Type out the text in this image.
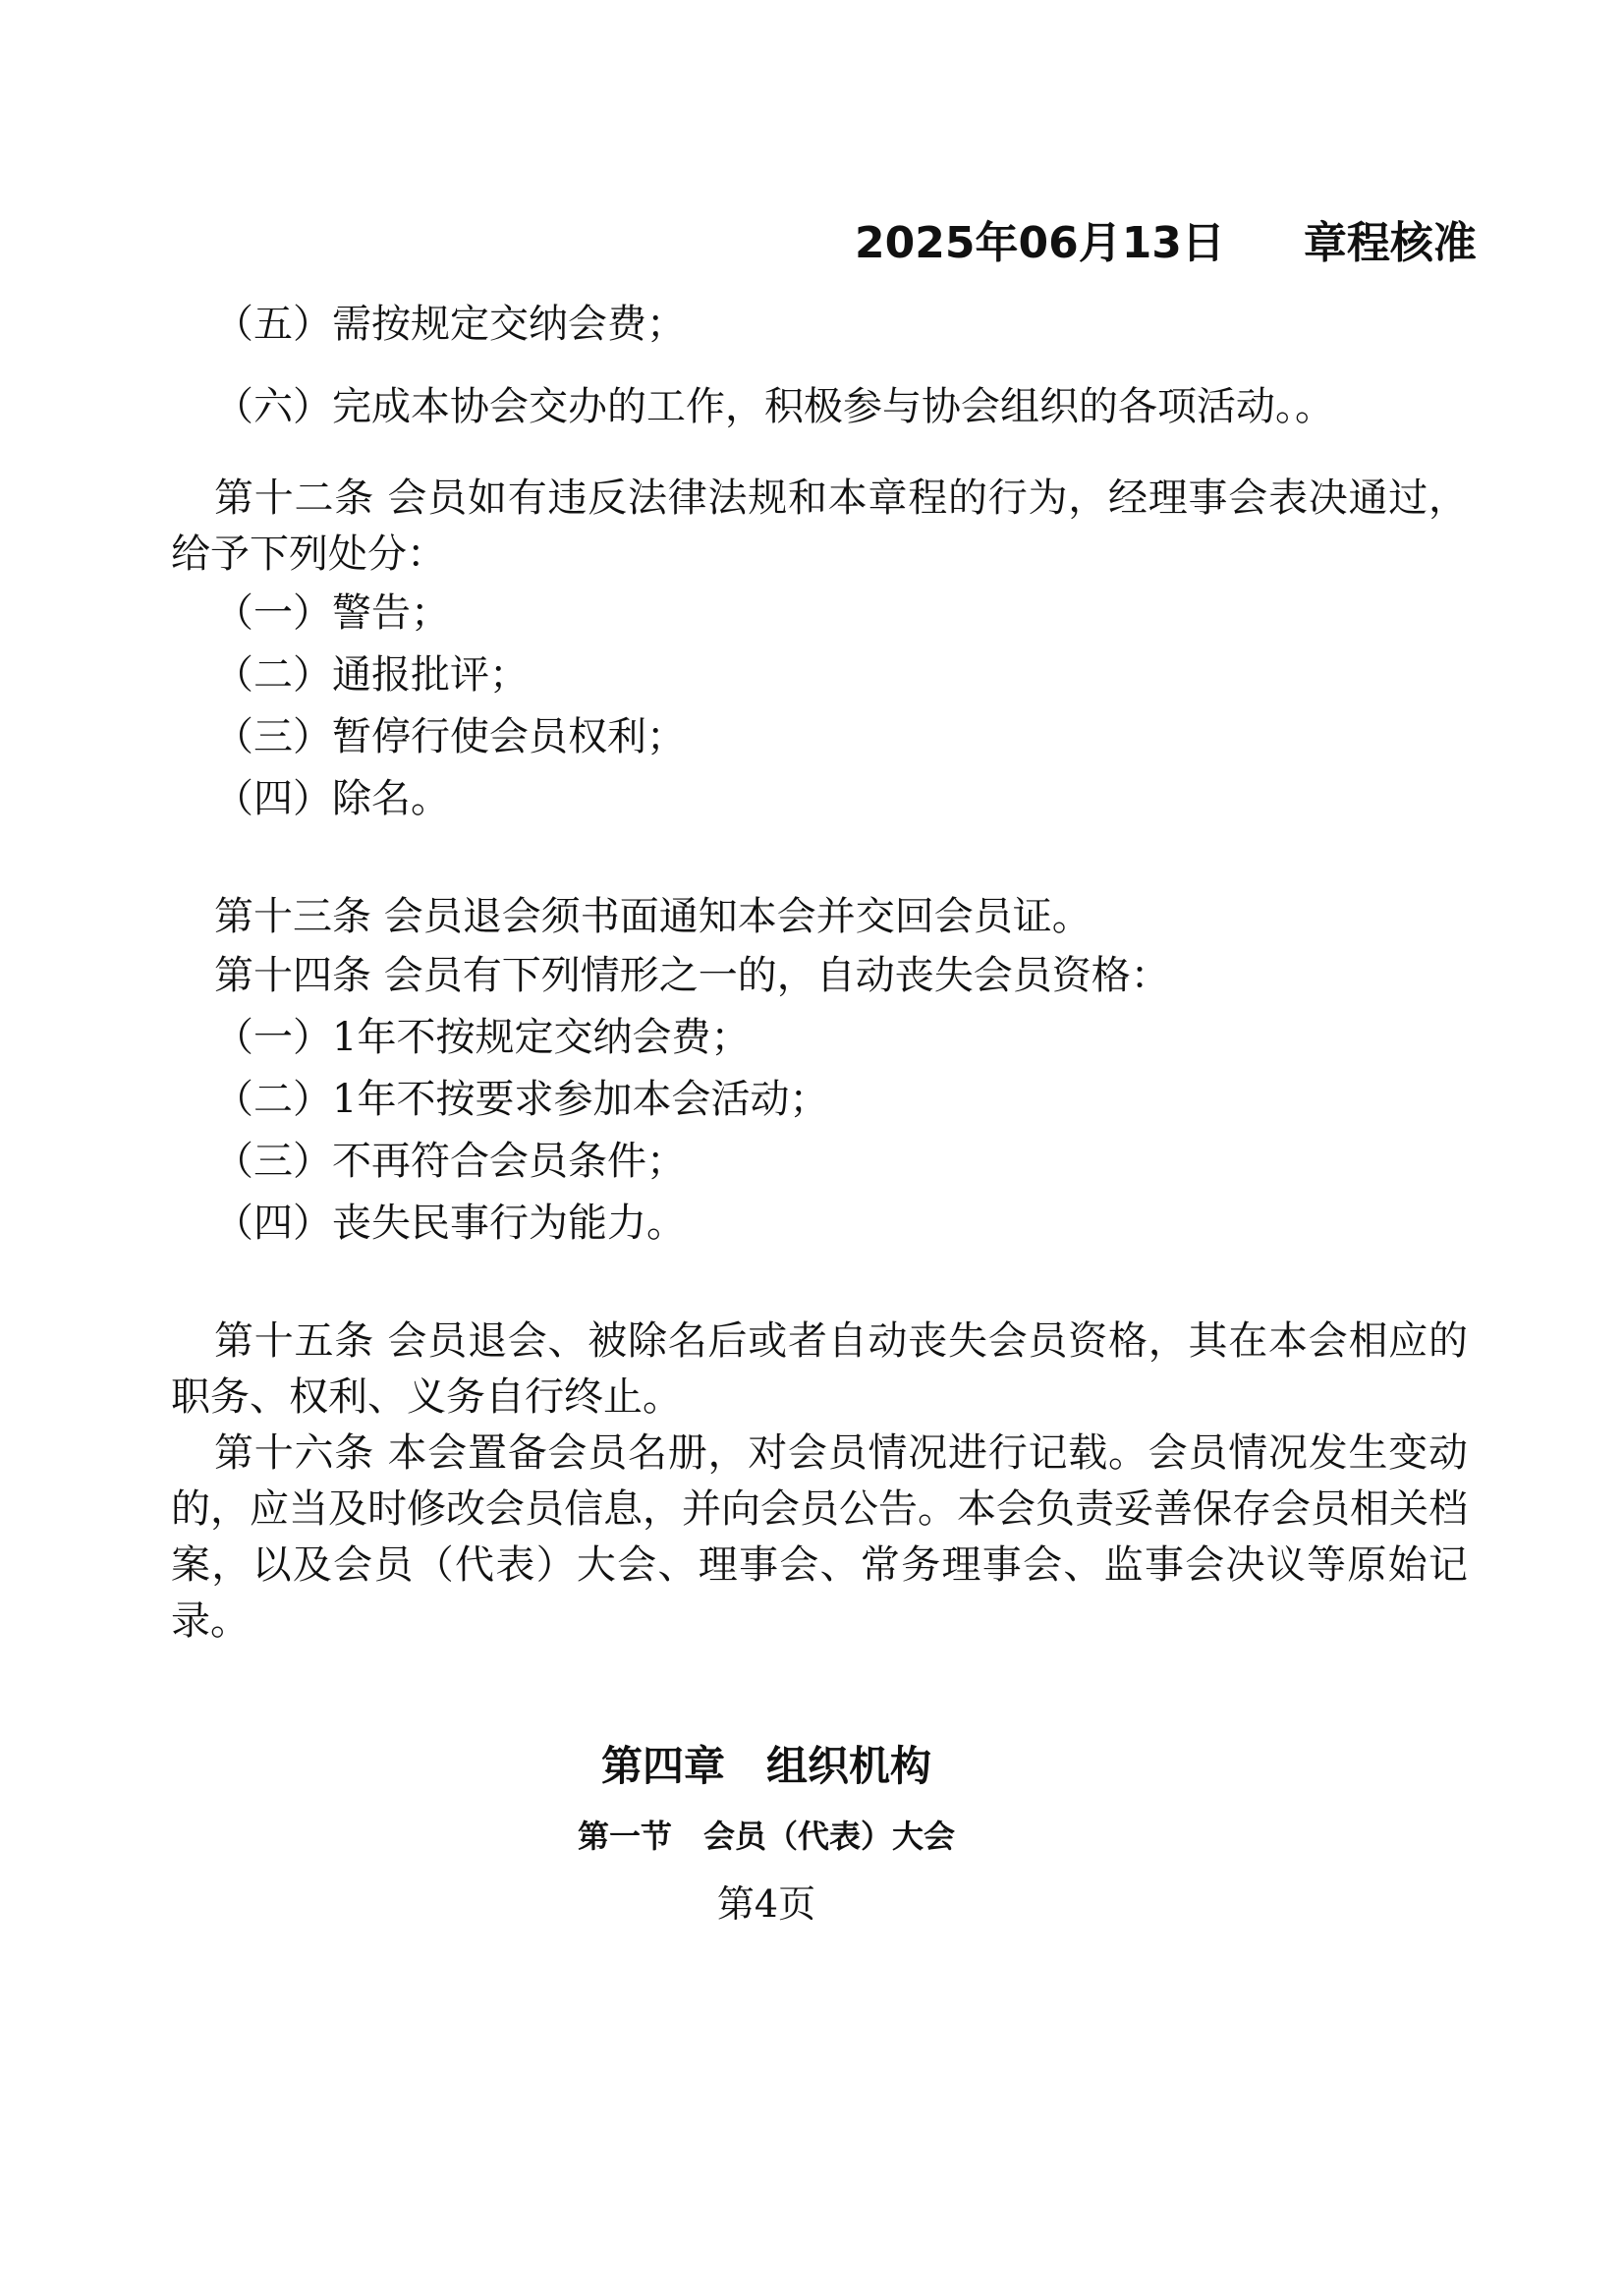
2025年06月13日 章程核准

（五）需按规定交纳会费；

（六）完成本协会交办的工作，积极参与协会组织的各项活动。。

第十二条 会员如有违反法律法规和本章程的行为，经理事会表决通过，给予下列处分：

（一）警告；

（二）通报批评；

（三）暂停行使会员权利；

（四）除名。

第十三条 会员退会须书面通知本会并交回会员证。

第十四条 会员有下列情形之一的，自动丧失会员资格：

（一）1年不按规定交纳会费；

（二）1年不按要求参加本会活动；

（三）不再符合会员条件；

（四）丧失民事行为能力。

第十五条 会员退会、被除名后或者自动丧失会员资格，其在本会相应的职务、权利、义务自行终止。

第十六条 本会置备会员名册，对会员情况进行记载。会员情况发生变动的，应当及时修改会员信息，并向会员公告。本会负责妥善保存会员相关档案，以及会员（代表）大会、理事会、常务理事会、监事会决议等原始记录。

第四章　组织机构
第一节　会员（代表）大会
第4页
